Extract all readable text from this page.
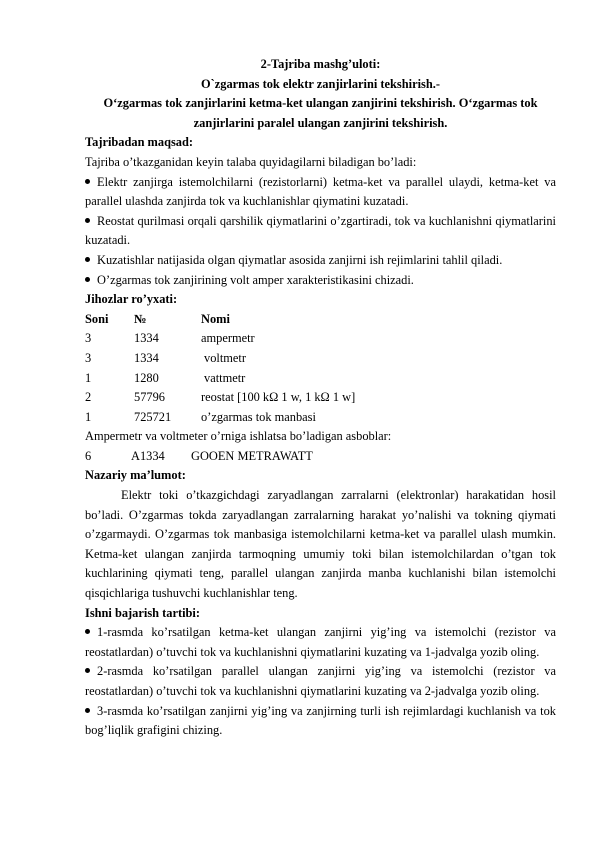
2-Tajriba mashg’uloti:
O`zgarmas tok elektr zanjirlarini tekshirish.-
O‘zgarmas tok zanjirlarini ketma-ket ulangan zanjirini tekshirish. O‘zgarmas tok zanjirlarini paralel ulangan zanjirini tekshirish.
Tajribadan maqsad:
Tajriba o’tkazganidan keyin talaba quyidagilarni biladigan bo’ladi:
Elektr zanjirga istemolchilarni (rezistorlarni) ketma-ket va parallel ulaydi, ketma-ket va parallel ulashda zanjirda tok va kuchlanishlar qiymatini kuzatadi.
Reostat qurilmasi orqali qarshilik qiymatlarini o’zgartiradi, tok va kuchlanishni qiymatlarini kuzatadi.
Kuzatishlar natijasida olgan qiymatlar asosida zanjirni ish rejimlarini tahlil qiladi.
O’zgarmas tok zanjirining volt amper xarakteristikasini chizadi.
Jihozlar ro’yxati:
Soni	№	Nomi
3	1334	ampermetr
3	1334	voltmetr
1	1280	vattmetr
2	57796	reostat [100 kΩ 1 w, 1 kΩ 1 w]
1	725721	o’zgarmas tok manbasi
Ampermetr va voltmeter o’rniga ishlatsa bo’ladigan asboblar:
6	A1334	GOOEN METRAWATT
Nazariy ma’lumot:
Elektr toki o’tkazgichdagi zaryadlangan zarralarni (elektronlar) harakatidan hosil bo’ladi. O’zgarmas tokda zaryadlangan zarralarning harakat yo’nalishi va tokning qiymati o’zgarmaydi. O’zgarmas tok manbasiga istemolchilarni ketma-ket va parallel ulash mumkin. Ketma-ket ulangan zanjirda tarmoqning umumiy toki bilan istemolchilardan o’tgan tok kuchlarining qiymati teng, parallel ulangan zanjirda manba kuchlanishi bilan istemolchi qisqichlariga tushuvchi kuchlanishlar teng.
Ishni bajarish tartibi:
1-rasmda ko’rsatilgan ketma-ket ulangan zanjirni yig’ing va istemolchi (rezistor va reostatlardan) o’tuvchi tok va kuchlanishni qiymatlarini kuzating va 1-jadvalga yozib oling.
2-rasmda ko’rsatilgan parallel ulangan zanjirni yig’ing va istemolchi (rezistor va reostatlardan) o’tuvchi tok va kuchlanishni qiymatlarini kuzating va 2-jadvalga yozib oling.
3-rasmda ko’rsatilgan zanjirni yig’ing va zanjirning turli ish rejimlardagi kuchlanish va tok bog’liqlik grafigini chizing.
